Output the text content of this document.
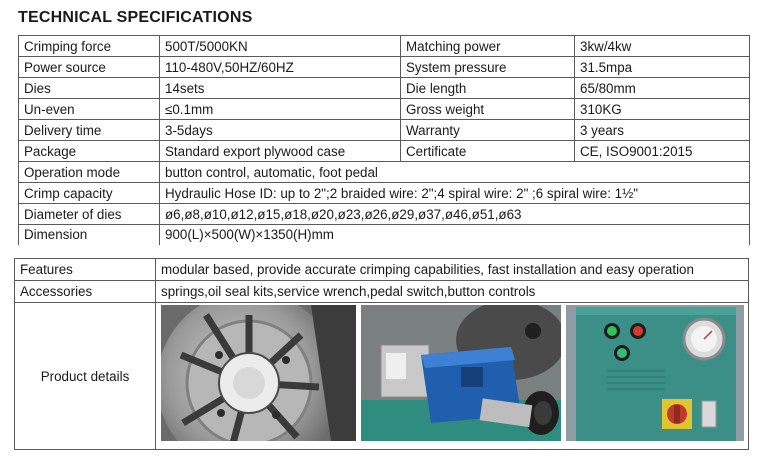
TECHNICAL SPECIFICATIONS
Crimping force	500T/5000KN	Matching power	3kw/4kw
Power source	110-480V,50HZ/60HZ	System pressure	31.5mpa
Dies	14sets	Die length	65/80mm
Un-even	≤0.1mm	Gross weight	310KG
Delivery time	3-5days	Warranty	3 years
Package	Standard export plywood case	Certificate	CE, ISO9001:2015
Operation mode	button control, automatic, foot pedal		
Crimp capacity	Hydraulic Hose ID: up to 2";2 braided wire: 2";4 spiral wire: 2" ;6 spiral wire: 1½"		
Diameter of dies	ø6,ø8,ø10,ø12,ø15,ø18,ø20,ø23,ø26,ø29,ø37,ø46,ø51,ø63		
Dimension	900(L)×500(W)×1350(H)mm		
Features	modular based, provide accurate crimping capabilities, fast installation and easy operation
Accessories	springs,oil seal kits,service wrench,pedal switch,button controls
Product details	
